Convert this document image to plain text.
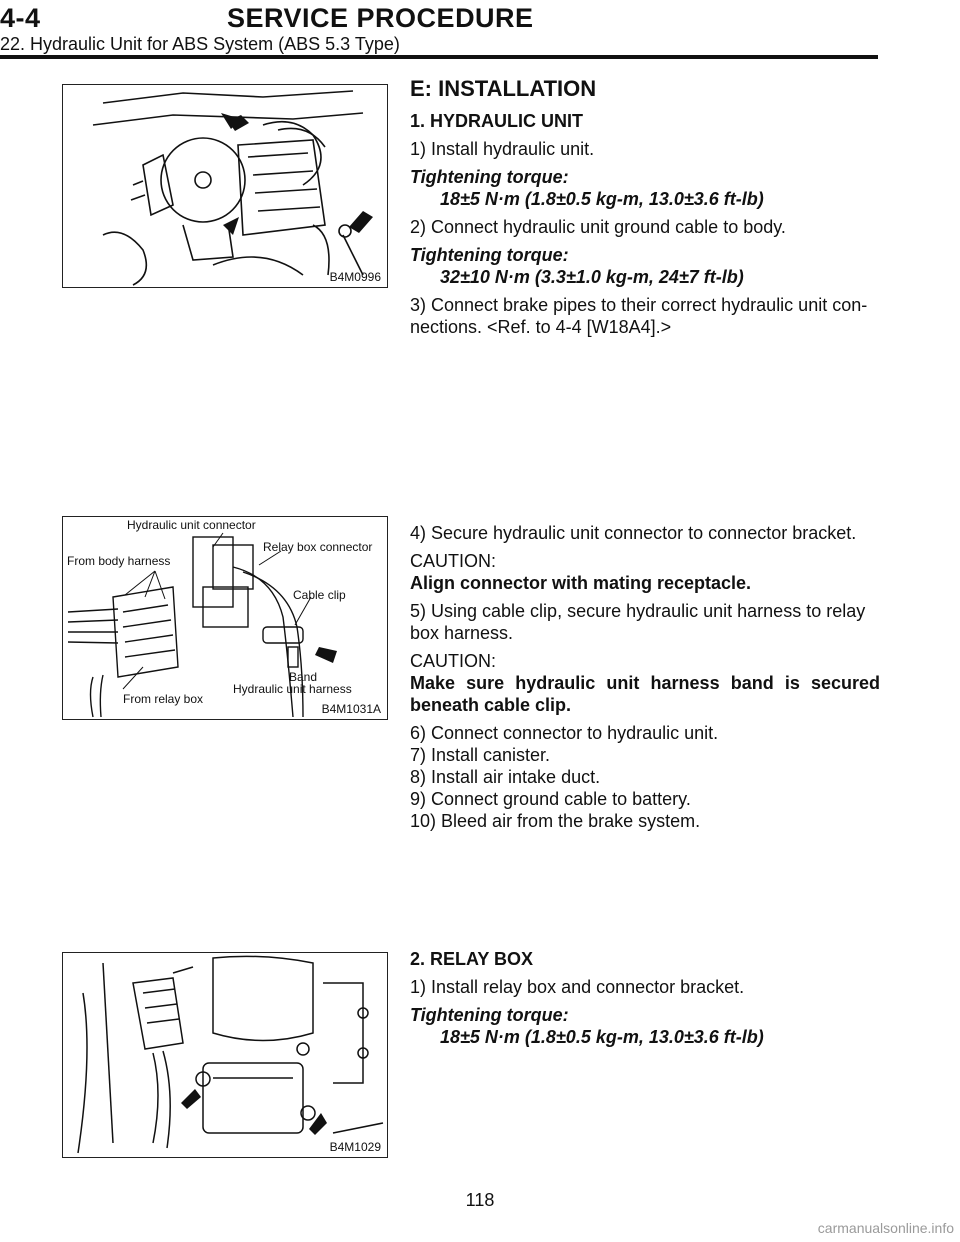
4-4	SERVICE PROCEDURE
22. Hydraulic Unit for ABS System (ABS 5.3 Type)
B4M0996

E: INSTALLATION

1. HYDRAULIC UNIT

1) Install hydraulic unit.

Tightening torque:

18±5 N·m (1.8±0.5 kg-m, 13.0±3.6 ft-lb)

2) Connect hydraulic unit ground cable to body.

Tightening torque:

32±10 N·m (3.3±1.0 kg-m, 24±7 ft-lb)

3) Connect brake pipes to their correct hydraulic unit con- nections. <Ref. to 4-4 [W18A4].>

Hydraulic unit connector
From body harness
Relay box connector
Cable clip
Band
Hydraulic unit harness
From relay box
B4M1031A

4) Secure hydraulic unit connector to connector bracket.

CAUTION:

Align connector with mating receptacle.

5) Using cable clip, secure hydraulic unit harness to relay box harness.

CAUTION:

Make sure hydraulic unit harness band is secured beneath cable clip.

6) Connect connector to hydraulic unit.

7) Install canister.

8) Install air intake duct.

9) Connect ground cable to battery.

10) Bleed air from the brake system.

B4M1029

2. RELAY BOX

1) Install relay box and connector bracket.

Tightening torque:

18±5 N·m (1.8±0.5 kg-m, 13.0±3.6 ft-lb)

118
carmanualsonline.info
